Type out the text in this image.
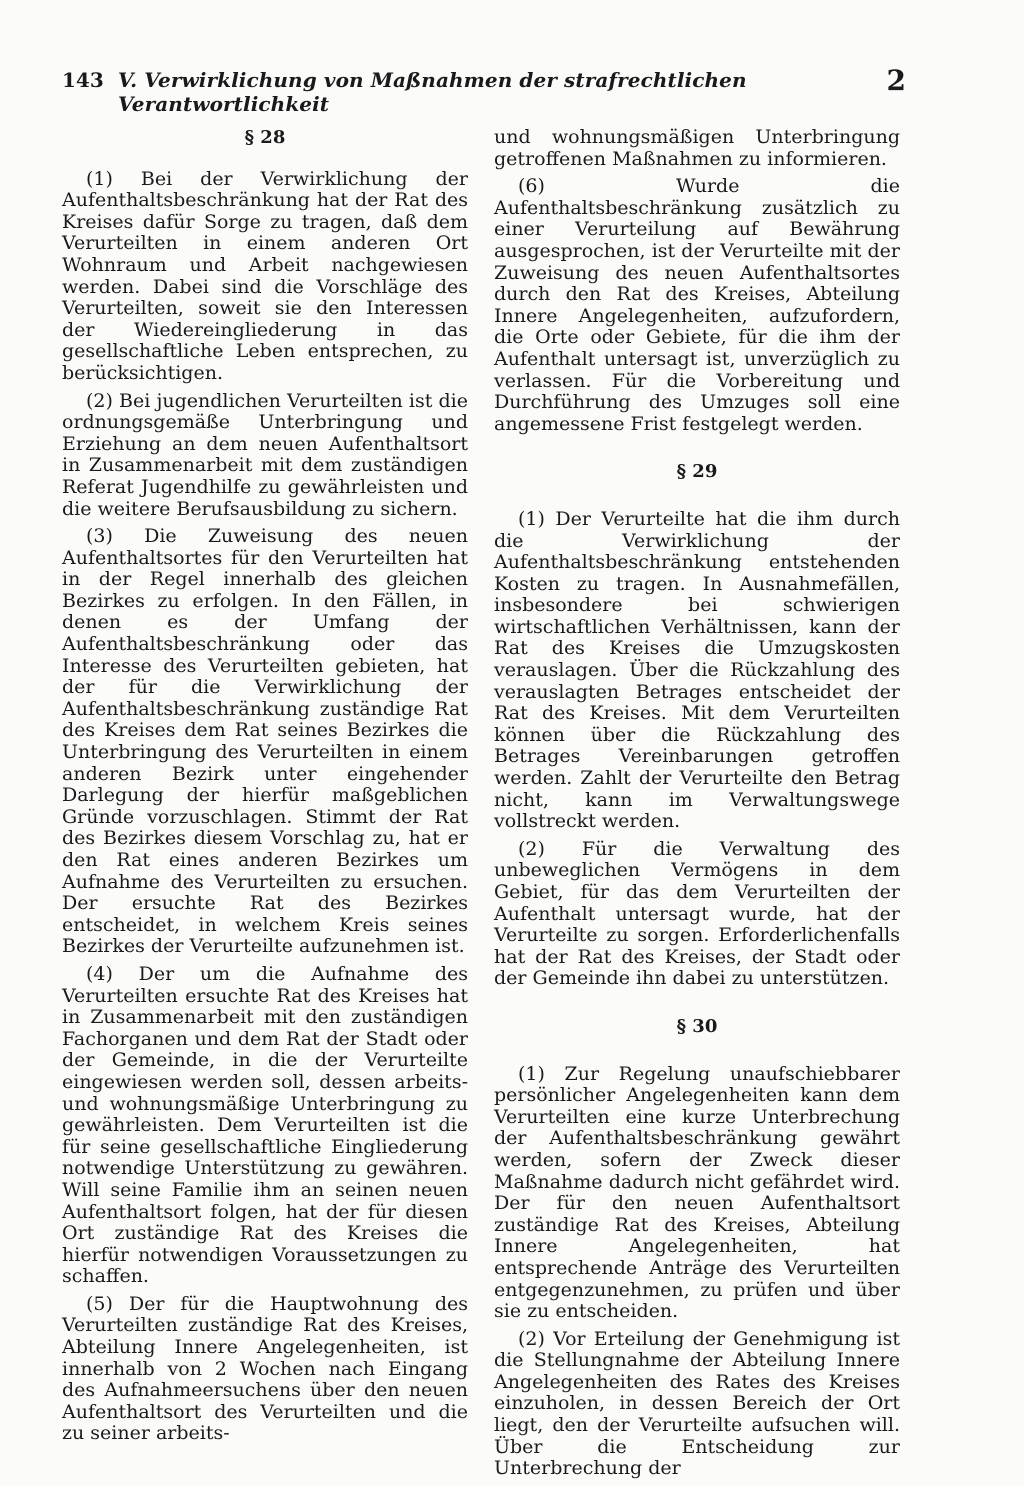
143 V. Verwirklichung von Maßnahmen der strafrechtlichen Verantwortlichkeit
2

§ 28

(1) Bei der Verwirklichung der Aufenthaltsbeschränkung hat der Rat des Kreises dafür Sorge zu tragen, daß dem Verurteilten in einem anderen Ort Wohnraum und Arbeit nachgewiesen werden. Dabei sind die Vorschläge des Verurteilten, soweit sie den Interessen der Wiedereingliederung in das gesellschaftliche Leben entsprechen, zu berücksichtigen.

(2) Bei jugendlichen Verurteilten ist die ordnungsgemäße Unterbringung und Erziehung an dem neuen Aufenthaltsort in Zusammenarbeit mit dem zuständigen Referat Jugendhilfe zu gewährleisten und die weitere Berufsausbildung zu sichern.

(3) Die Zuweisung des neuen Aufenthaltsortes für den Verurteilten hat in der Regel innerhalb des gleichen Bezirkes zu erfolgen. In den Fällen, in denen es der Umfang der Aufenthaltsbeschränkung oder das Interesse des Verurteilten gebieten, hat der für die Verwirklichung der Aufenthaltsbeschränkung zuständige Rat des Kreises dem Rat seines Bezirkes die Unterbringung des Verurteilten in einem anderen Bezirk unter eingehender Darlegung der hierfür maßgeblichen Gründe vorzuschlagen. Stimmt der Rat des Bezirkes diesem Vorschlag zu, hat er den Rat eines anderen Bezirkes um Aufnahme des Verurteilten zu ersuchen. Der ersuchte Rat des Bezirkes entscheidet, in welchem Kreis seines Bezirkes der Verurteilte aufzunehmen ist.

(4) Der um die Aufnahme des Verurteilten ersuchte Rat des Kreises hat in Zusammenarbeit mit den zuständigen Fachorganen und dem Rat der Stadt oder der Gemeinde, in die der Verurteilte eingewiesen werden soll, dessen arbeits- und wohnungsmäßige Unterbringung zu gewährleisten. Dem Verurteilten ist die für seine gesellschaftliche Eingliederung notwendige Unterstützung zu gewähren. Will seine Familie ihm an seinen neuen Aufenthaltsort folgen, hat der für diesen Ort zuständige Rat des Kreises die hierfür notwendigen Voraussetzungen zu schaffen.

(5) Der für die Hauptwohnung des Verurteilten zuständige Rat des Kreises, Abteilung Innere Angelegenheiten, ist innerhalb von 2 Wochen nach Eingang des Aufnahmeersuchens über den neuen Aufenthaltsort des Verurteilten und die zu seiner arbeits-

und wohnungsmäßigen Unterbringung getroffenen Maßnahmen zu informieren.

(6) Wurde die Aufenthaltsbeschränkung zusätzlich zu einer Verurteilung auf Bewährung ausgesprochen, ist der Verurteilte mit der Zuweisung des neuen Aufenthaltsortes durch den Rat des Kreises, Abteilung Innere Angelegenheiten, aufzufordern, die Orte oder Gebiete, für die ihm der Aufenthalt untersagt ist, unverzüglich zu verlassen. Für die Vorbereitung und Durchführung des Umzuges soll eine angemessene Frist festgelegt werden.

§ 29

(1) Der Verurteilte hat die ihm durch die Verwirklichung der Aufenthaltsbeschränkung entstehenden Kosten zu tragen. In Ausnahmefällen, insbesondere bei schwierigen wirtschaftlichen Verhältnissen, kann der Rat des Kreises die Umzugskosten verauslagen. Über die Rückzahlung des verauslagten Betrages entscheidet der Rat des Kreises. Mit dem Verurteilten können über die Rückzahlung des Betrages Vereinbarungen getroffen werden. Zahlt der Verurteilte den Betrag nicht, kann im Verwaltungswege vollstreckt werden.

(2) Für die Verwaltung des unbeweglichen Vermögens in dem Gebiet, für das dem Verurteilten der Aufenthalt untersagt wurde, hat der Verurteilte zu sorgen. Erforderlichenfalls hat der Rat des Kreises, der Stadt oder der Gemeinde ihn dabei zu unterstützen.

§ 30

(1) Zur Regelung unaufschiebbarer persönlicher Angelegenheiten kann dem Verurteilten eine kurze Unterbrechung der Aufenthaltsbeschränkung gewährt werden, sofern der Zweck dieser Maßnahme dadurch nicht gefährdet wird. Der für den neuen Aufenthaltsort zuständige Rat des Kreises, Abteilung Innere Angelegenheiten, hat entsprechende Anträge des Verurteilten entgegenzunehmen, zu prüfen und über sie zu entscheiden.

(2) Vor Erteilung der Genehmigung ist die Stellungnahme der Abteilung Innere Angelegenheiten des Rates des Kreises einzuholen, in dessen Bereich der Ort liegt, den der Verurteilte aufsuchen will. Über die Entscheidung zur Unterbrechung der
